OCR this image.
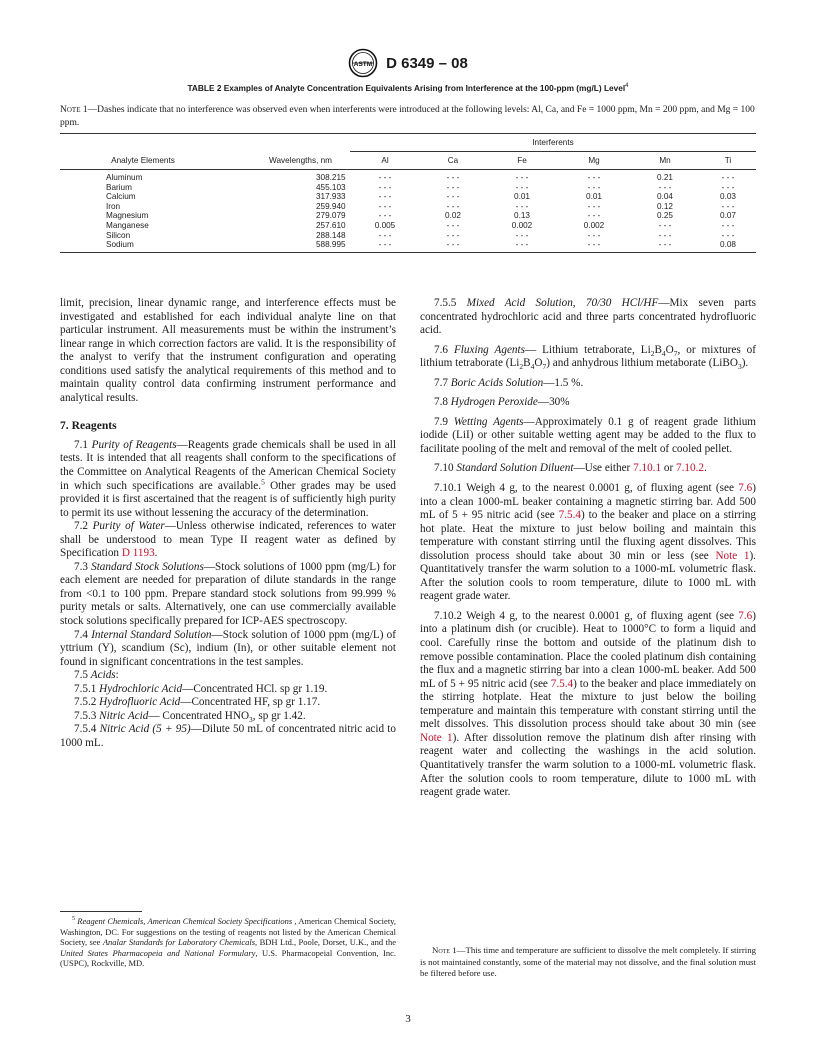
ASTM D 6349 – 08
TABLE 2 Examples of Analyte Concentration Equivalents Arising from Interference at the 100-ppm (mg/L) Level$^4$
Note 1—Dashes indicate that no interference was observed even when interferents were introduced at the following levels: Al, Ca, and Fe = 1000 ppm, Mn = 200 ppm, and Mg = 100 ppm.
		Interferents					
Analyte Elements	Wavelengths, nm	Al	Ca	Fe	Mg	Mn	Ti
Aluminum	308.215	- - -	- - -	- - -	- - -	0.21	- - -
Barium	455.103	- - -	- - -	- - -	- - -	- - -	- - -
Calcium	317.933	- - -	- - -	0.01	0.01	0.04	0.03
Iron	259.940	- - -	- - -	- - -	- - -	0.12	- - -
Magnesium	279.079	- - -	0.02	0.13	- - -	0.25	0.07
Manganese	257.610	0.005	- - -	0.002	0.002	- - -	- - -
Silicon	288.148	- - -	- - -	- - -	- - -	- - -	- - -
Sodium	588.995	- - -	- - -	- - -	- - -	- - -	0.08

limit, precision, linear dynamic range, and interference effects must be investigated and established for each individual analyte line on that particular instrument. All measurements must be within the instrument’s linear range in which correction factors are valid. It is the responsibility of the analyst to verify that the instrument configuration and operating conditions used satisfy the analytical requirements of this method and to maintain quality control data confirming instrument performance and analytical results.

7. Reagents

7.1 Purity of Reagents—Reagents grade chemicals shall be used in all tests. It is intended that all reagents shall conform to the specifications of the Committee on Analytical Reagents of the American Chemical Society in which such specifications are available.$^5$ Other grades may be used provided it is first ascertained that the reagent is of sufficiently high purity to permit its use without lessening the accuracy of the determination.

7.2 Purity of Water—Unless otherwise indicated, references to water shall be understood to mean Type II reagent water as defined by Specification D 1193.

7.3 Standard Stock Solutions—Stock solutions of 1000 ppm (mg/L) for each element are needed for preparation of dilute standards in the range from <0.1 to 100 ppm. Prepare standard stock solutions from 99.999 % purity metals or salts. Alternatively, one can use commercially available stock solutions specifically prepared for ICP-AES spectroscopy.

7.4 Internal Standard Solution—Stock solution of 1000 ppm (mg/L) of yttrium (Y), scandium (Sc), indium (In), or other suitable element not found in significant concentrations in the test samples.

7.5 Acids:

7.5.1 Hydrochloric Acid—Concentrated HCl. sp gr 1.19.

7.5.2 Hydrofluoric Acid—Concentrated HF, sp gr 1.17.

7.5.3 Nitric Acid— Concentrated $HNO_3$, sp gr 1.42.

7.5.4 Nitric Acid (5 + 95)—Dilute 50 mL of concentrated nitric acid to 1000 mL.

$^5$ Reagent Chemicals, American Chemical Society Specifications , American Chemical Society, Washington, DC. For suggestions on the testing of reagents not listed by the American Chemical Society, see Analar Standards for Laboratory Chemicals, BDH Ltd., Poole, Dorset, U.K., and the United States Pharmacopeia and National Formulary, U.S. Pharmacopeial Convention, Inc. (USPC), Rockville, MD.

7.5.5 Mixed Acid Solution, 70/30 HCl/HF—Mix seven parts concentrated hydrochloric acid and three parts concentrated hydrofluoric acid.

7.6 Fluxing Agents— Lithium tetraborate, $Li_2B_4O_7$, or mixtures of lithium tetraborate $(Li_2B_4O_7)$ and anhydrous lithium metaborate (LiBO$_3$).

7.7 Boric Acids Solution—1.5 %.

7.8 Hydrogen Peroxide—30%

7.9 Wetting Agents—Approximately 0.1 g of reagent grade lithium iodide (LiI) or other suitable wetting agent may be added to the flux to facilitate pooling of the melt and removal of the melt of cooled pellet.

7.10 Standard Solution Diluent—Use either 7.10.1 or 7.10.2.

7.10.1 Weigh 4 g, to the nearest 0.0001 g, of fluxing agent (see 7.6) into a clean 1000-mL beaker containing a magnetic stirring bar. Add 500 mL of 5 + 95 nitric acid (see 7.5.4) to the beaker and place on a stirring hot plate. Heat the mixture to just below boiling and maintain this temperature with constant stirring until the fluxing agent dissolves. This dissolution process should take about 30 min or less (see Note 1). Quantitatively transfer the warm solution to a 1000-mL volumetric flask. After the solution cools to room temperature, dilute to 1000 mL with reagent grade water.

7.10.2 Weigh 4 g, to the nearest 0.0001 g, of fluxing agent (see 7.6) into a platinum dish (or crucible). Heat to 1000°C to form a liquid and cool. Carefully rinse the bottom and outside of the platinum dish to remove possible contamination. Place the cooled platinum dish containing the flux and a magnetic stirring bar into a clean 1000-mL beaker. Add 500 mL of 5 + 95 nitric acid (see 7.5.4) to the beaker and place immediately on the stirring hotplate. Heat the mixture to just below the boiling temperature and maintain this temperature with constant stirring until the melt dissolves. This dissolution process should take about 30 min (see Note 1). After dissolution remove the platinum dish after rinsing with reagent water and collecting the washings in the acid solution. Quantitatively transfer the warm solution to a 1000-mL volumetric flask. After the solution cools to room temperature, dilute to 1000 mL with reagent grade water.

Note 1—This time and temperature are sufficient to dissolve the melt completely. If stirring is not maintained constantly, some of the material may not dissolve, and the final solution must be filtered before use.

3
